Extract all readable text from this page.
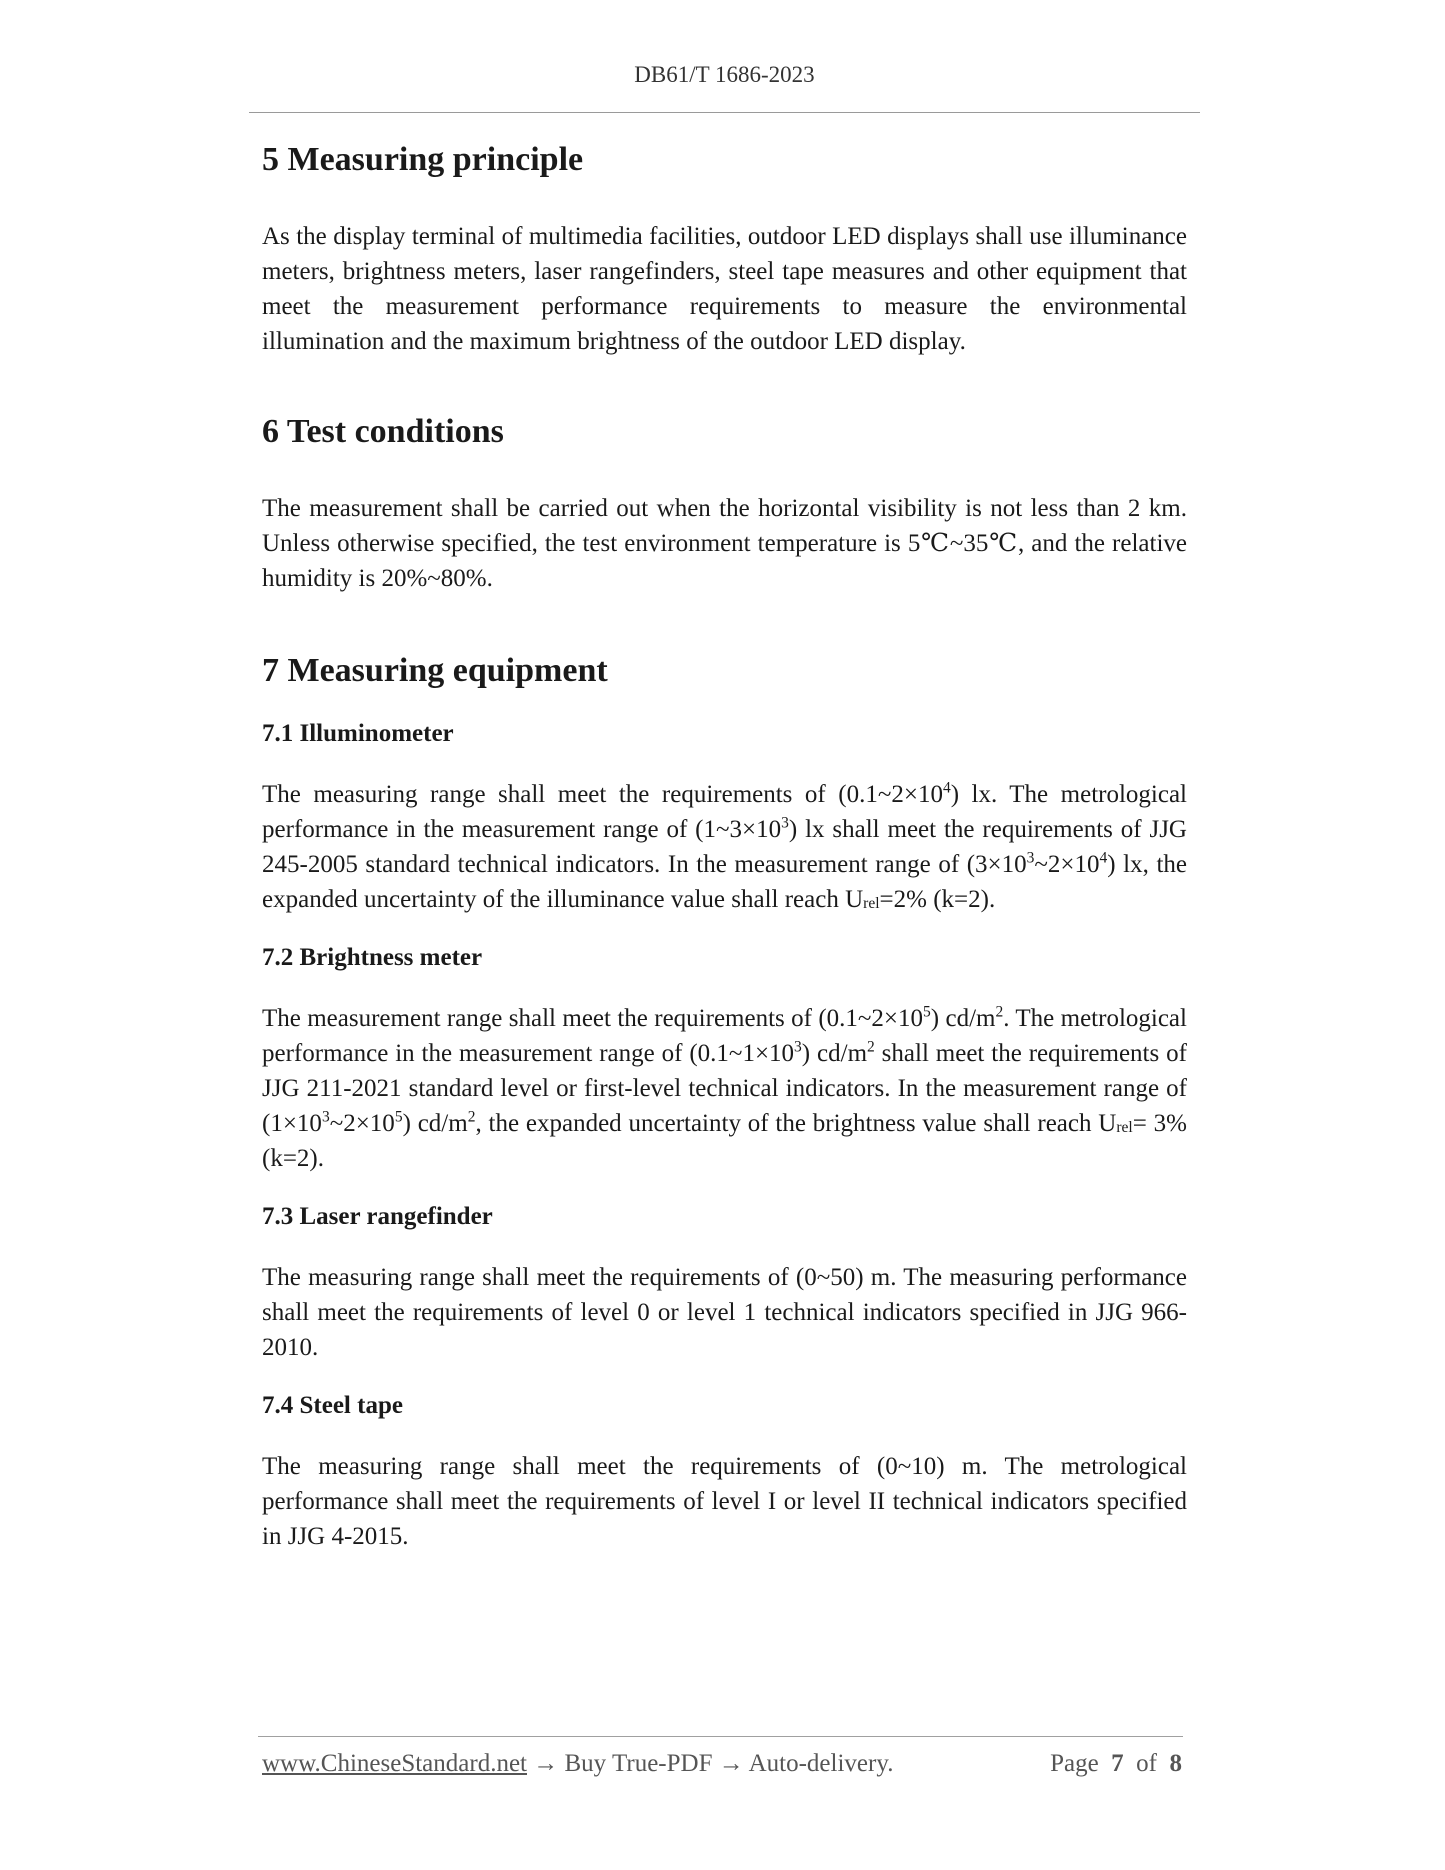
DB61/T 1686-2023
5 Measuring principle

As the display terminal of multimedia facilities, outdoor LED displays shall use illuminance meters, brightness meters, laser rangefinders, steel tape measures and other equipment that meet the measurement performance requirements to measure the environmental illumination and the maximum brightness of the outdoor LED display.

6 Test conditions

The measurement shall be carried out when the horizontal visibility is not less than 2 km. Unless otherwise specified, the test environment temperature is 5℃~35℃, and the relative humidity is 20%~80%.

7 Measuring equipment
7.1 Illuminometer

The measuring range shall meet the requirements of $(0.1\sim 2\times 10^4)$ lx. The metrological performance in the measurement range of $(1\sim 3\times 10^3)$ lx shall meet the requirements of JJG 245-2005 standard technical indicators. In the measurement range of $(3\times 10^3\sim 2\times 10^4)$ lx, the expanded uncertainty of the illuminance value shall reach $U_{rel}=2\%$ (k=2).

7.2 Brightness meter

The measurement range shall meet the requirements of $(0.1\sim 2\times 10^5)$ $cd/m^2$. The metrological performance in the measurement range of $(0.1\sim 1\times 10^3)$ $cd/m^2$ shall meet the requirements of JJG 211-2021 standard level or first-level technical indicators. In the measurement range of $(1\times 10^3\sim 2\times 10^5)$ $cd/m^2$, the expanded uncertainty of the brightness value shall reach $U_{rel}= 3\%$ (k=2).

7.3 Laser rangefinder

The measuring range shall meet the requirements of (0~50) m. The measuring performance shall meet the requirements of level 0 or level 1 technical indicators specified in JJG 966-2010.

7.4 Steel tape

The measuring range shall meet the requirements of (0~10) m. The metrological performance shall meet the requirements of level I or level II technical indicators specified in JJG 4-2015.

www.ChineseStandard.net → Buy True-PDF → Auto-delivery.	Page 7 of 8
